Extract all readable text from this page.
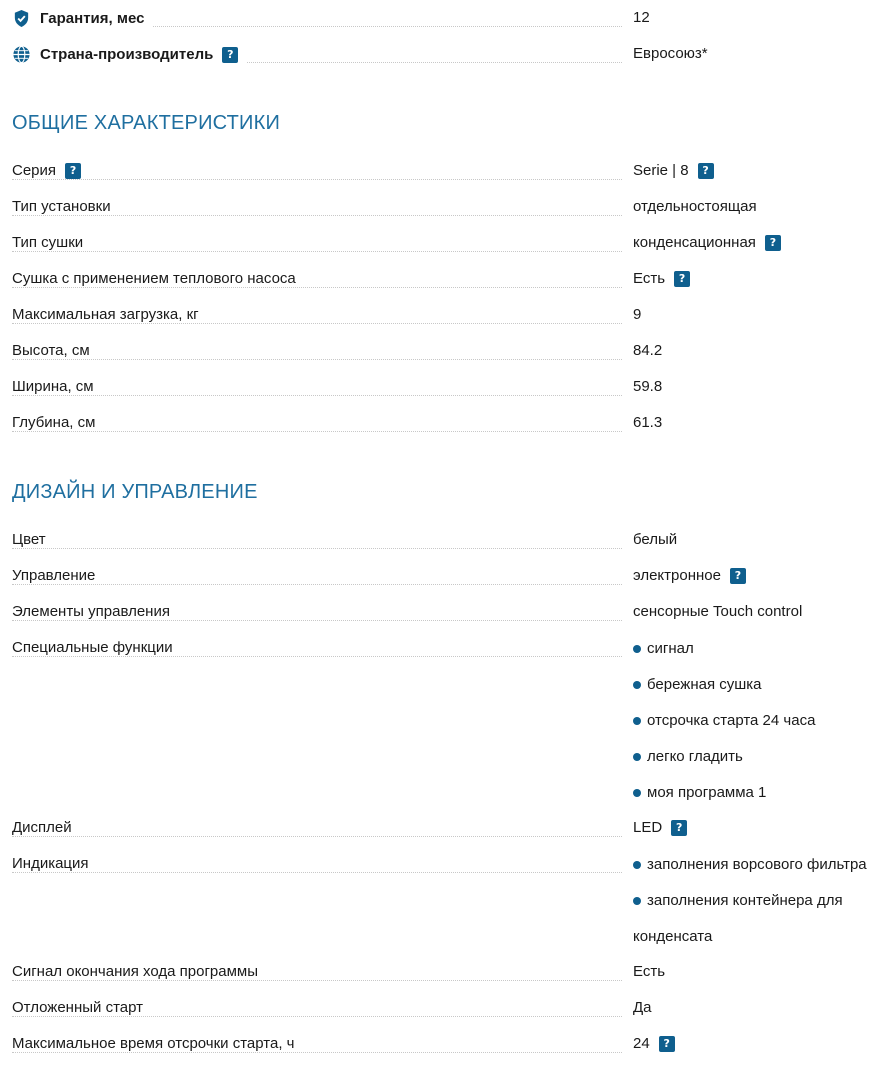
Гарантия, мес	12
Страна-производитель	?	Евросоюз*
ОБЩИЕ ХАРАКТЕРИСТИКИ
Серия	?	Serie | 8	?
Тип установки	отдельностоящая
Тип сушки	конденсационная	?
Сушка с применением теплового насоса	Есть	?
Максимальная загрузка, кг	9
Высота, см	84.2
Ширина, см	59.8
Глубина, см	61.3
ДИЗАЙН И УПРАВЛЕНИЕ
Цвет	белый
Управление	электронное	?
Элементы управления	сенсорные Touch control
Специальные функции	сигнал
бережная сушка
отсрочка старта 24 часа
легко гладить
моя программа 1
Дисплей	LED	?
Индикация	заполнения ворсового фильтра
заполнения контейнера для
конденсата
Сигнал окончания хода программы	Есть
Отложенный старт	Да
Максимальное время отсрочки старта, ч	24	?
